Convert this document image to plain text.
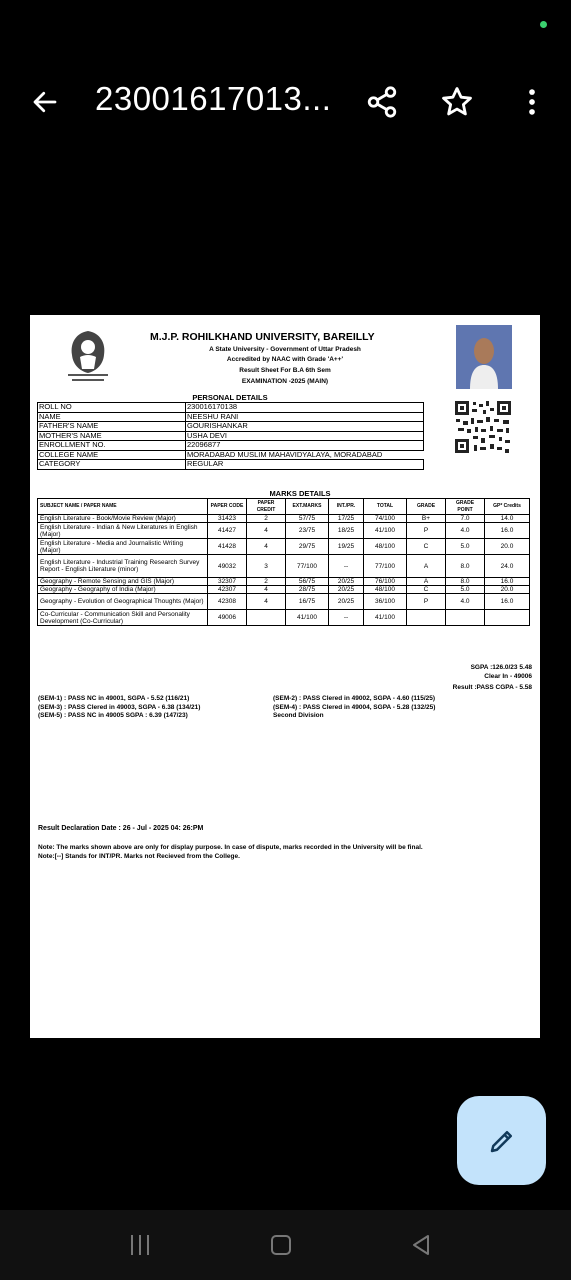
23001617013...
M.J.P. ROHILKHAND UNIVERSITY, BAREILLY
A State University - Government of Uttar Pradesh
Accredited by NAAC with Grade 'A++'
Result Sheet For B.A 6th Sem
EXAMINATION -2025 (MAIN)
PERSONAL DETAILS
ROLL NO	230016170138
NAME	NEESHU RANI
FATHER'S NAME	GOURISHANKAR
MOTHER'S NAME	USHA DEVI
ENROLLMENT NO.	22096877
COLLEGE NAME	MORADABAD MUSLIM MAHAVIDYALAYA, MORADABAD
CATEGORY	REGULAR
MARKS DETAILS
SUBJECT NAME / PAPER NAME	PAPER CODE	PAPER CREDIT	EXT.MARKS	INT./PR.	TOTAL	GRADE	GRADE POINT	GP* Credits
English Literature - Book/Movie Review (Major)	31423	2	57/75	17/25	74/100	B+	7.0	14.0
English Literature - Indian & New Literatures in English (Major)	41427	4	23/75	18/25	41/100	P	4.0	16.0
English Literature - Media and Journalistic Writing (Major)	41428	4	29/75	19/25	48/100	C	5.0	20.0
English Literature - Industrial Training Research Survey Report - English Literature (minor)	49032	3	77/100	--	77/100	A	8.0	24.0
Geography - Remote Sensing and GIS (Major)	32307	2	56/75	20/25	76/100	A	8.0	16.0
Geography - Geography of India (Major)	42307	4	28/75	20/25	48/100	C	5.0	20.0
Geography - Evolution of Geographical Thoughts (Major)	42308	4	16/75	20/25	36/100	P	4.0	16.0
Co-Curricular - Communication Skill and Personality Development (Co-Curricular)	49006		41/100	--	41/100			
SGPA :126.0/23 5.48
Clear In - 49006
Result :PASS CGPA - 5.58
(SEM-1) : PASS NC in 49001, SGPA - 5.52 (116/21)
(SEM-3) : PASS Clered in 49003, SGPA - 6.38 (134/21)
(SEM-5) : PASS NC in 49005 SGPA : 6.39 (147/23)
(SEM-2) : PASS Clered in 49002, SGPA - 4.60 (115/25)
(SEM-4) : PASS Clered in 49004, SGPA - 5.28 (132/25)
Second Division
Result Declaration Date : 26 - Jul - 2025 04: 26:PM
Note: The marks shown above are only for display purpose. In case of dispute, marks recorded in the University will be final.
Note:[--] Stands for INT/PR. Marks not Recieved from the College.
